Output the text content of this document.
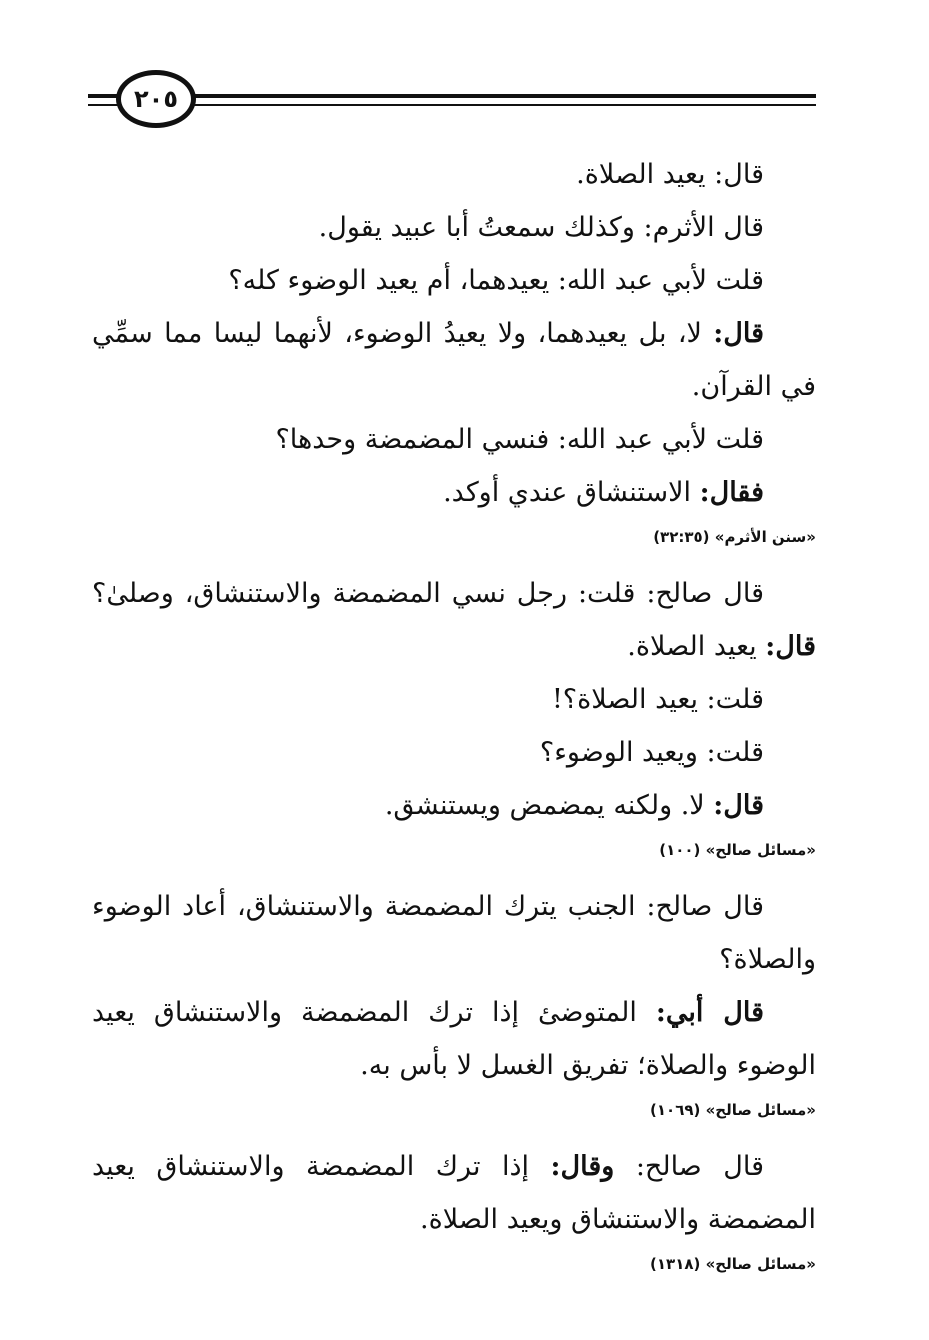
٢٠٥

قال: يعيد الصلاة.

قال الأثرم: وكذلك سمعتُ أبا عبيد يقول.

قلت لأبي عبد الله: يعيدهما، أم يعيد الوضوء كله؟

قال: لا، بل يعيدهما، ولا يعيدُ الوضوء، لأنهما ليسا مما سمِّي في القرآن.

قلت لأبي عبد الله: فنسي المضمضة وحدها؟

فقال: الاستنشاق عندي أوكد.

«سنن الأثرم» (٣٢:٣٥)

قال صالح: قلت: رجل نسي المضمضة والاستنشاق، وصلىٰ؟ قال: يعيد الصلاة.

قلت: يعيد الصلاة؟!

قلت: ويعيد الوضوء؟

قال: لا. ولكنه يمضمض ويستنشق.

«مسائل صالح» (١٠٠)

قال صالح: الجنب يترك المضمضة والاستنشاق، أعاد الوضوء والصلاة؟

قال أبي: المتوضئ إذا ترك المضمضة والاستنشاق يعيد الوضوء والصلاة؛ تفريق الغسل لا بأس به.

«مسائل صالح» (١٠٦٩)

قال صالح: وقال: إذا ترك المضمضة والاستنشاق يعيد المضمضة والاستنشاق ويعيد الصلاة.

«مسائل صالح» (١٣١٨)
